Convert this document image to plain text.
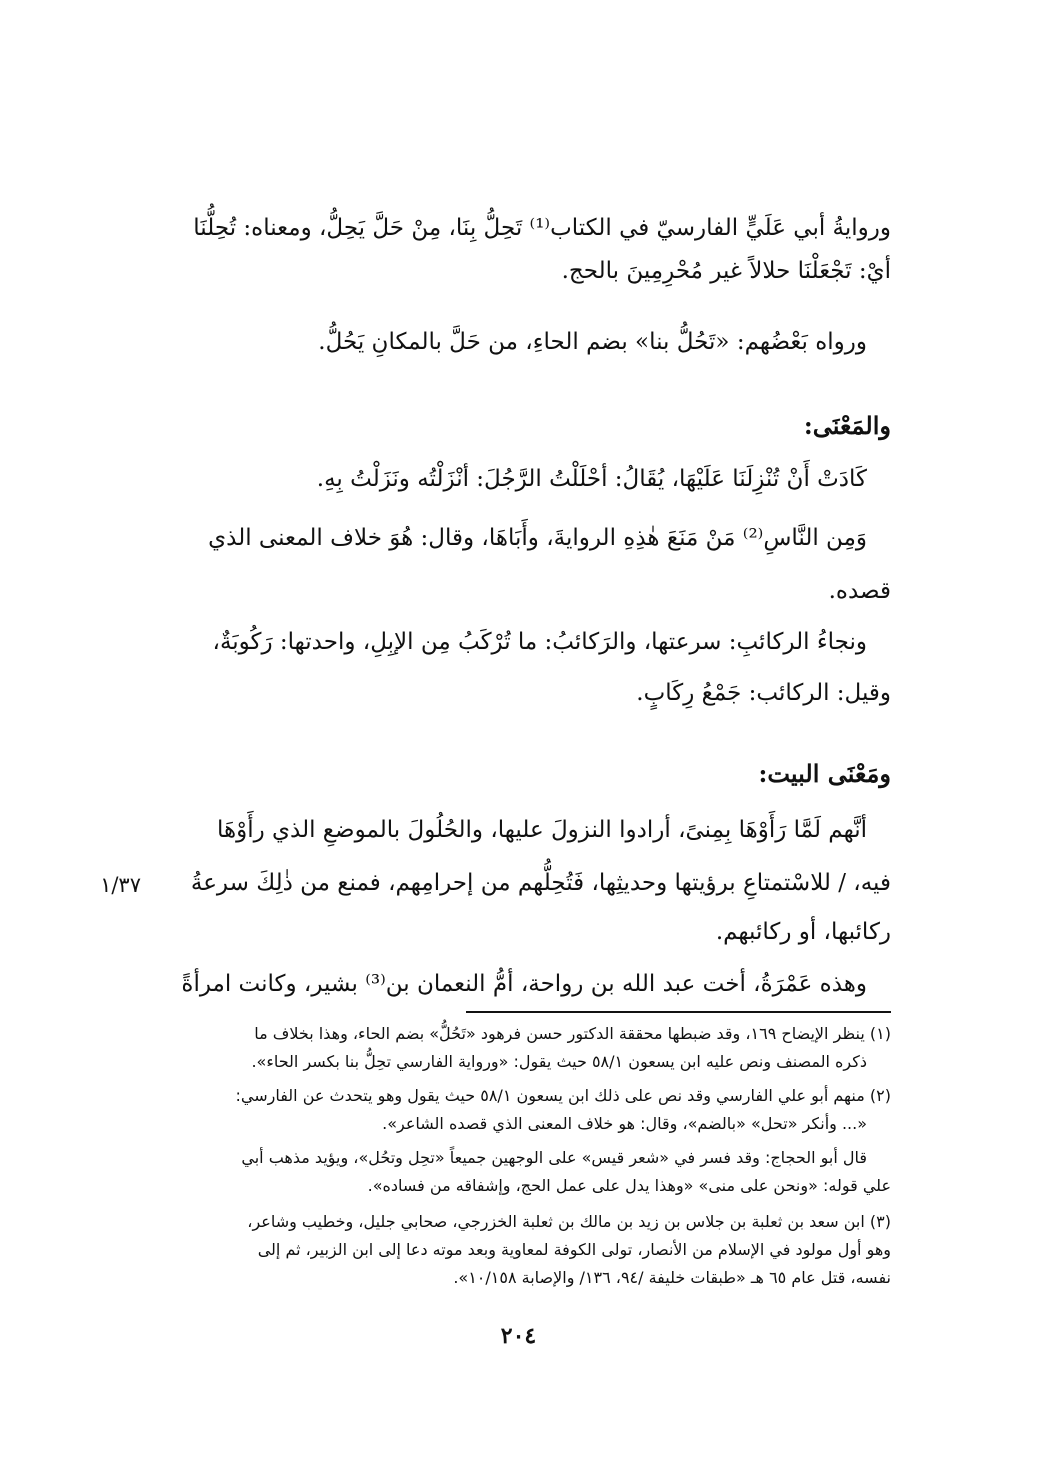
وروايةُ أبي عَلَيٍّ الفارسيّ في الكتاب⁽¹⁾ تَحِلُّ بِنَا، مِنْ حَلَّ يَحِلُّ، ومعناه: تُحِلُّنَا
أيْ: تَجْعَلْنَا حلالاً غير مُحْرِمِينَ بالحج.
ورواه بَعْضُهم: «تَحُلُّ بنا» بضم الحاءِ، من حَلَّ بالمكانِ يَحُلُّ.
والمَعْنَى:
كَادَتْ أَنْ تُنْزِلَنَا عَلَيْهَا، يُقَالُ: أحْلَلْتُ الرَّجُلَ: أنْزَلْتُه ونَزَلْتُ بِهِ.
وَمِن النَّاسِ⁽²⁾ مَنْ مَنَعَ هٰذِهِ الروايةَ، وأَبَاهَا، وقال: هُوَ خلاف المعنى الذي
قصده.
ونجاءُ الركائبِ: سرعتها، والرَكائبُ: ما تُرْكَبُ مِن الإبِلِ، واحدتها: رَكُوبَةٌ،
وقيل: الركائب: جَمْعُ رِكَابٍ.
ومَعْنَى البيت:
أنَّهم لَمَّا رَأَوْهَا بِمِنىً، أرادوا النزولَ عليها، والحُلُولَ بالموضعِ الذي رأَوْهَا
فيه، / للاسْتمتاعِ برؤيتها وحديثِها، فَتُحِلُّهم من إحرامِهم، فمنع من ذٰلِكَ سرعةُ
١/٣٧
ركائبها، أو ركائبهم.
وهذه عَمْرَةُ، أخت عبد الله بن رواحة، أمُّ النعمان بن⁽³⁾ بشير، وكانت امرأةً
(١) ينظر الإيضاح ١٦٩، وقد ضبطها محققة الدكتور حسن فرهود «تَحُلُّ» بضم الحاء، وهذا بخلاف ما
ذكره المصنف ونص عليه ابن يسعون ٥٨/١ حيث يقول: «ورواية الفارسي تحِلُّ بنا بكسر الحاء».
(٢) منهم أبو علي الفارسي وقد نص على ذلك ابن يسعون ٥٨/١ حيث يقول وهو يتحدث عن الفارسي:
«... وأنكر «تحل» «بالضم»، وقال: هو خلاف المعنى الذي قصده الشاعر».
قال أبو الحجاج: وقد فسر في «شعر قيس» على الوجهين جميعاً «تحِل وتحُل»، ويؤيد مذهب أبي
علي قوله: «ونحن على منى» «وهذا يدل على عمل الحج، وإشفاقه من فساده».
(٣) ابن سعد بن ثعلبة بن جلاس بن زيد بن مالك بن ثعلبة الخزرجي، صحابي جليل، وخطيب وشاعر،
وهو أول مولود في الإسلام من الأنصار، تولى الكوفة لمعاوية وبعد موته دعا إلى ابن الزبير، ثم إلى
نفسه، قتل عام ٦٥ هـ «طبقات خليفة /٩٤، ١٣٦/ والإصابة ١٠/١٥٨».
٢٠٤
